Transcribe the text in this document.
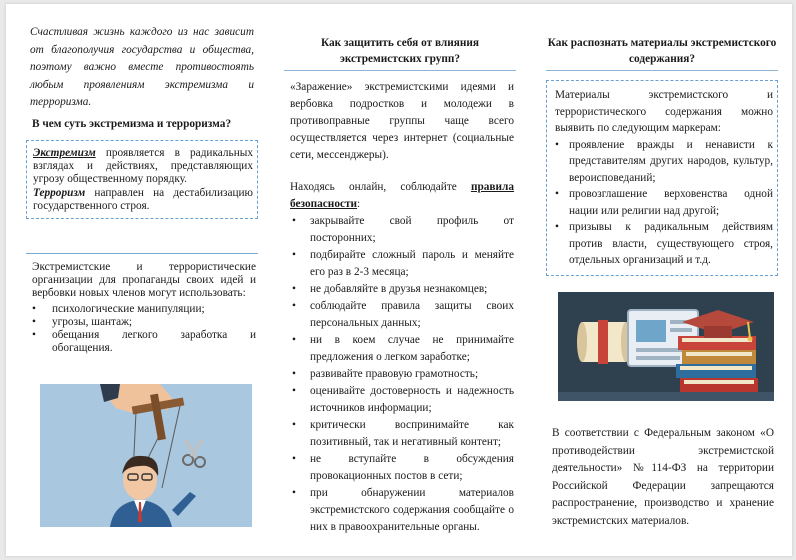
Счастливая жизнь каждого из нас зависит от благополучия государства и общества, поэтому важно вместе противостоять любым проявлениям экстремизма и терроризма.

В чем суть экстремизма и терроризма?

Экстремизм проявляется в радикальных взглядах и действиях, представляющих угрозу общественному порядку.

Терроризм направлен на дестабилизацию государственного строя.

Экстремистские и террористические организации для пропаганды своих идей и вербовки новых членов могут использовать:

• психологические манипуляции;
• угрозы, шантаж;
• обещания легкого заработка и обогащения.

Как защитить себя от влияния экстремистских групп?

«Заражение» экстремистскими идеями и вербовка подростков и молодежи в противоправные группы чаще всего осуществляется через интернет (социальные сети, мессенджеры).

Находясь онлайн, соблюдайте правила безопасности:

• закрывайте свой профиль от посторонних;
• подбирайте сложный пароль и меняйте его раз в 2-3 месяца;
• не добавляйте в друзья незнакомцев;
• соблюдайте правила защиты своих персональных данных;
• ни в коем случае не принимайте предложения о легком заработке;
• развивайте правовую грамотность;
• оценивайте достоверность и надежность источников информации;
• критически воспринимайте как позитивный, так и негативный контент;
• не вступайте в обсуждения провокационных постов в сети;
• при обнаружении материалов экстремистского содержания сообщайте о них в правоохранительные органы.

Как распознать материалы экстремистского содержания?

Материалы экстремистского и террористического содержания можно выявить по следующим маркерам:

• проявление вражды и ненависти к представителям других народов, культур, вероисповеданий;
• провозглашение верховенства одной нации или религии над другой;
• призывы к радикальным действиям против власти, существующего строя, отдельных организаций и т.д.

В соответствии с Федеральным законом «О противодействии экстремистской деятельности» №114-ФЗ на территории Российской Федерации запрещаются распространение, производство и хранение экстремистских материалов.
